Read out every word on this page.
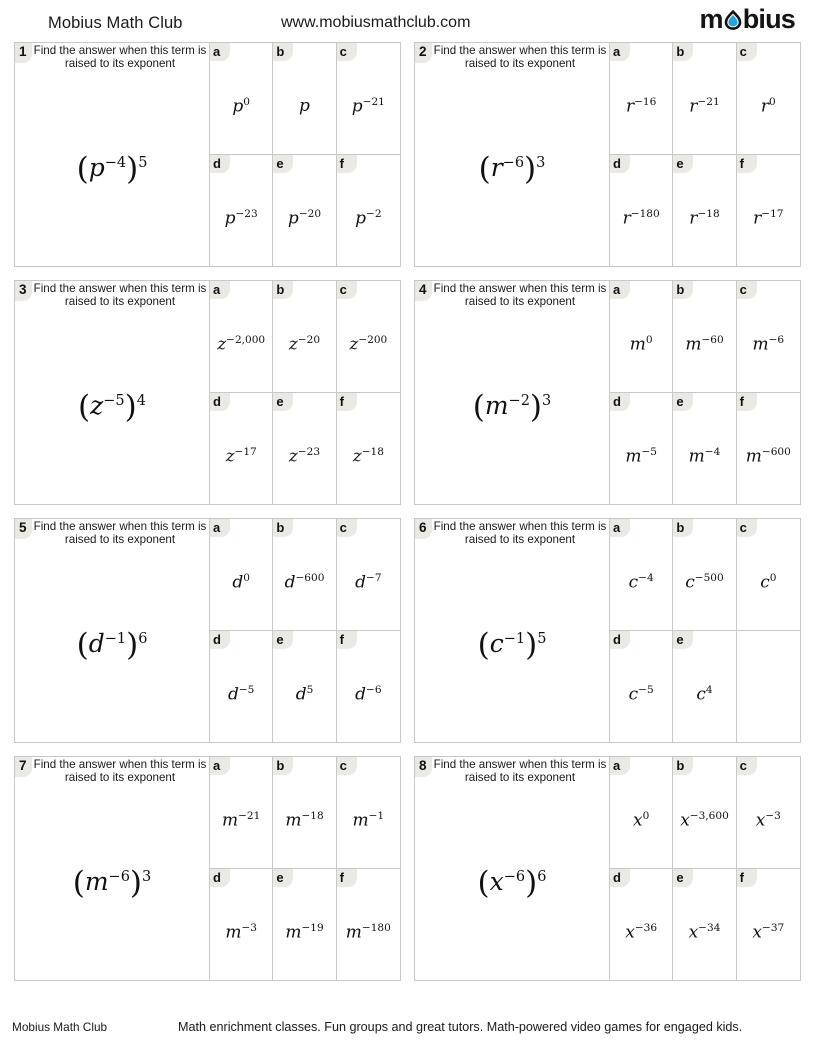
Mobius Math Club	www.mobiusmathclub.com	m bius
1 Find the answer when this term is raised to its exponent
$(p^{-4})^5$
a
$p^0$
b
p
c
$p^{-21}$
d
$p^{-23}$
e
$p^{-20}$
f
$p^{-2}$
2 Find the answer when this term is raised to its exponent
$(r^{-6})^3$
a
$r^{-16}$
b
$r^{-21}$
c
$r^0$
d
$r^{-180}$
e
$r^{-18}$
f
$r^{-17}$
3 Find the answer when this term is raised to its exponent
$(z^{-5})^4$
a
$z^{-2,000}$
b
$z^{-20}$
c
$z^{-200}$
d
$z^{-17}$
e
$z^{-23}$
f
$z^{-18}$
4 Find the answer when this term is raised to its exponent
$(m^{-2})^3$
a
$m^0$
b
$m^{-60}$
c
$m^{-6}$
d
$m^{-5}$
e
$m^{-4}$
f
$m^{-600}$
5 Find the answer when this term is raised to its exponent
$(d^{-1})^6$
a
$d^0$
b
$d^{-600}$
c
$d^{-7}$
d
$d^{-5}$
e
$d^5$
f
$d^{-6}$
6 Find the answer when this term is raised to its exponent
$(c^{-1})^5$
a
$c^{-4}$
b
$c^{-500}$
c
$c^0$
d
$c^{-5}$
e
$c^4$
7 Find the answer when this term is raised to its exponent
$(m^{-6})^3$
a
$m^{-21}$
b
$m^{-18}$
c
$m^{-1}$
d
$m^{-3}$
e
$m^{-19}$
f
$m^{-180}$
8 Find the answer when this term is raised to its exponent
$(x^{-6})^6$
a
$x^0$
b
$x^{-3,600}$
c
$x^{-3}$
d
$x^{-36}$
e
$x^{-34}$
f
$x^{-37}$
Mobius Math Club	Math enrichment classes. Fun groups and great tutors. Math-powered video games for engaged kids.
